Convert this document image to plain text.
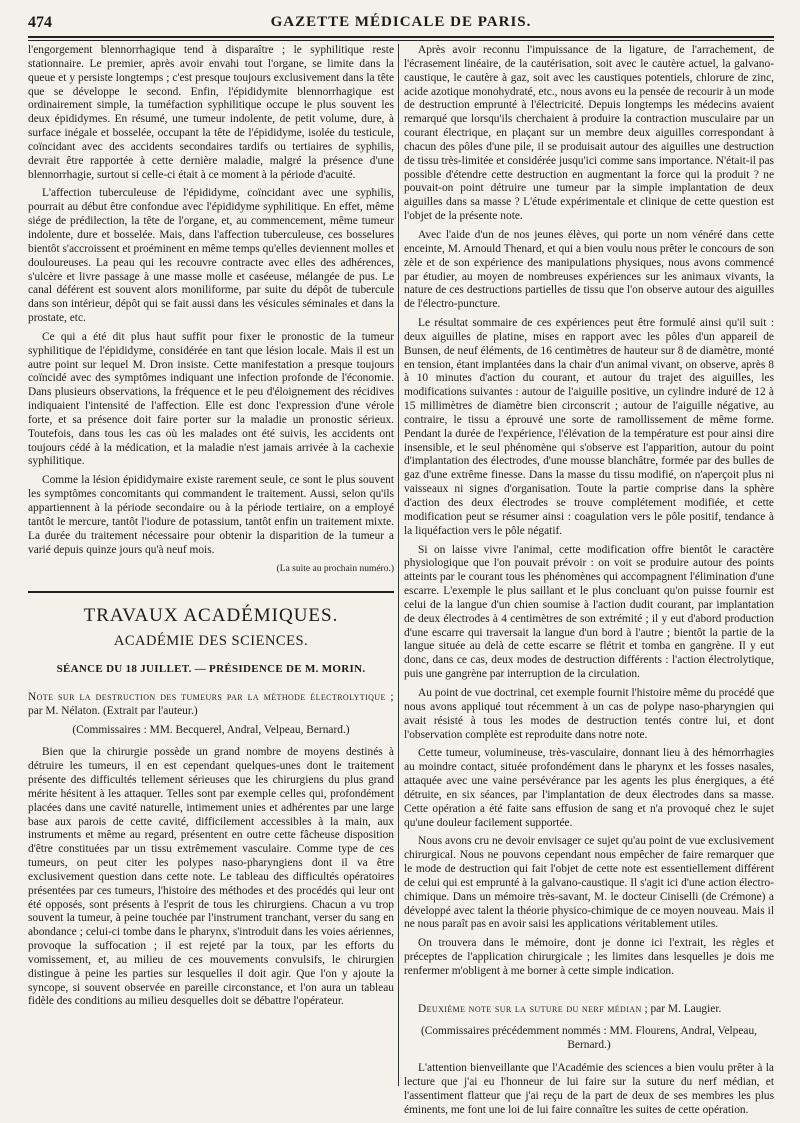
474	GAZETTE MÉDICALE DE PARIS.

l'engorgement blennorrhagique tend à disparaître ; le syphilitique reste stationnaire. Le premier, après avoir envahi tout l'organe, se limite dans la queue et y persiste longtemps ; c'est presque toujours exclusivement dans la tête que se développe le second. Enfin, l'épididymite blennorrhagique est ordinairement simple, la tuméfaction syphilitique occupe le plus souvent les deux épididymes. En résumé, une tumeur indolente, de petit volume, dure, à surface inégale et bosselée, occupant la tête de l'épididyme, isolée du testicule, coïncidant avec des accidents secondaires tardifs ou tertiaires de syphilis, devrait être rapportée à cette dernière maladie, malgré la présence d'une blennorrhagie, surtout si celle-ci était à ce moment à la période d'acuité.

L'affection tuberculeuse de l'épididyme, coïncidant avec une syphilis, pourrait au début être confondue avec l'épididyme syphilitique. En effet, même siége de prédilection, la tête de l'organe, et, au commencement, même tumeur indolente, dure et bosselée. Mais, dans l'affection tuberculeuse, ces bosselures bientôt s'accroissent et proéminent en même temps qu'elles deviennent molles et douloureuses. La peau qui les recouvre contracte avec elles des adhérences, s'ulcère et livre passage à une masse molle et caséeuse, mélangée de pus. Le canal déférent est souvent alors moniliforme, par suite du dépôt de tubercule dans son intérieur, dépôt qui se fait aussi dans les vésicules séminales et dans la prostate, etc.

Ce qui a été dit plus haut suffit pour fixer le pronostic de la tumeur syphilitique de l'épididyme, considérée en tant que lésion locale. Mais il est un autre point sur lequel M. Dron insiste. Cette manifestation a presque toujours coïncidé avec des symptômes indiquant une infection profonde de l'économie. Dans plusieurs observations, la fréquence et le peu d'éloignement des récidives indiquaient l'intensité de l'affection. Elle est donc l'expression d'une vérole forte, et sa présence doit faire porter sur la maladie un pronostic sérieux. Toutefois, dans tous les cas où les malades ont été suivis, les accidents ont toujours cédé à la médication, et la maladie n'est jamais arrivée à la cachexie syphilitique.

Comme la lésion épididymaire existe rarement seule, ce sont le plus souvent les symptômes concomitants qui commandent le traitement. Aussi, selon qu'ils appartiennent à la période secondaire ou à la période tertiaire, on a employé tantôt le mercure, tantôt l'iodure de potassium, tantôt enfin un traitement mixte. La durée du traitement nécessaire pour obtenir la disparition de la tumeur a varié depuis quinze jours qu'à neuf mois.

(La suite au prochain numéro.)

TRAVAUX ACADÉMIQUES.

ACADÉMIE DES SCIENCES.

SÉANCE DU 18 JUILLET. — PRÉSIDENCE DE M. MORIN.

Note sur la destruction des tumeurs par la méthode électrolytique ; par M. Nélaton. (Extrait par l'auteur.)

(Commissaires : MM. Becquerel, Andral, Velpeau, Bernard.)

Bien que la chirurgie possède un grand nombre de moyens destinés à détruire les tumeurs, il en est cependant quelques-unes dont le traitement présente des difficultés tellement sérieuses que les chirurgiens du plus grand mérite hésitent à les attaquer. Telles sont par exemple celles qui, profondément placées dans une cavité naturelle, intimement unies et adhérentes par une large base aux parois de cette cavité, difficilement accessibles à la main, aux instruments et même au regard, présentent en outre cette fâcheuse disposition d'être constituées par un tissu extrêmement vasculaire. Comme type de ces tumeurs, on peut citer les polypes naso-pharyngiens dont il va être exclusivement question dans cette note. Le tableau des difficultés opératoires présentées par ces tumeurs, l'histoire des méthodes et des procédés qui leur ont été opposés, sont présents à l'esprit de tous les chirurgiens. Chacun a vu trop souvent la tumeur, à peine touchée par l'instrument tranchant, verser du sang en abondance ; celui-ci tombe dans le pharynx, s'introduit dans les voies aériennes, provoque la suffocation ; il est rejeté par la toux, par les efforts du vomissement, et, au milieu de ces mouvements convulsifs, le chirurgien distingue à peine les parties sur lesquelles il doit agir. Que l'on y ajoute la syncope, si souvent observée en pareille circonstance, et l'on aura un tableau fidèle des conditions au milieu desquelles doit se débattre l'opérateur.

Après avoir reconnu l'impuissance de la ligature, de l'arrachement, de l'écrasement linéaire, de la cautérisation, soit avec le cautère actuel, la galvano-caustique, le cautère à gaz, soit avec les caustiques potentiels, chlorure de zinc, acide azotique monohydraté, etc., nous avons eu la pensée de recourir à un mode de destruction emprunté à l'électricité. Depuis longtemps les médecins avaient remarqué que lorsqu'ils cherchaient à produire la contraction musculaire par un courant électrique, en plaçant sur un membre deux aiguilles correspondant à chacun des pôles d'une pile, il se produisait autour des aiguilles une destruction de tissu très-limitée et considérée jusqu'ici comme sans importance. N'était-il pas possible d'étendre cette destruction en augmentant la force qui la produit ? ne pouvait-on point détruire une tumeur par la simple implantation de deux aiguilles dans sa masse ? L'étude expérimentale et clinique de cette question est l'objet de la présente note.

Avec l'aide d'un de nos jeunes élèves, qui porte un nom vénéré dans cette enceinte, M. Arnould Thenard, et qui a bien voulu nous prêter le concours de son zèle et de son expérience des manipulations physiques, nous avons commencé par étudier, au moyen de nombreuses expériences sur les animaux vivants, la nature de ces destructions partielles de tissu que l'on observe autour des aiguilles de l'électro-puncture.

Le résultat sommaire de ces expériences peut être formulé ainsi qu'il suit : deux aiguilles de platine, mises en rapport avec les pôles d'un appareil de Bunsen, de neuf éléments, de 16 centimètres de hauteur sur 8 de diamètre, monté en tension, étant implantées dans la chair d'un animal vivant, on observe, après 8 à 10 minutes d'action du courant, et autour du trajet des aiguilles, les modifications suivantes : autour de l'aiguille positive, un cylindre induré de 12 à 15 millimètres de diamètre bien circonscrit ; autour de l'aiguille négative, au contraire, le tissu a éprouvé une sorte de ramollissement de même forme. Pendant la durée de l'expérience, l'élévation de la température est pour ainsi dire insensible, et le seul phénomène qui s'observe est l'apparition, autour du point d'implantation des électrodes, d'une mousse blanchâtre, formée par des bulles de gaz d'une extrême finesse. Dans la masse du tissu modifié, on n'aperçoit plus ni vaisseaux ni signes d'organisation. Toute la partie comprise dans la sphère d'action des deux électrodes se trouve complétement modifiée, et cette modification peut se résumer ainsi : coagulation vers le pôle positif, tendance à la liquéfaction vers le pôle négatif.

Si on laisse vivre l'animal, cette modification offre bientôt le caractère physiologique que l'on pouvait prévoir : on voit se produire autour des points atteints par le courant tous les phénomènes qui accompagnent l'élimination d'une escarre. L'exemple le plus saillant et le plus concluant qu'on puisse fournir est celui de la langue d'un chien soumise à l'action dudit courant, par implantation de deux électrodes à 4 centimètres de son extrémité ; il y eut d'abord production d'une escarre qui traversait la langue d'un bord à l'autre ; bientôt la partie de la langue située au delà de cette escarre se flétrit et tomba en gangrène. Il y eut donc, dans ce cas, deux modes de destruction différents : l'action électrolytique, puis une gangrène par interruption de la circulation.

Au point de vue doctrinal, cet exemple fournit l'histoire même du procédé que nous avons appliqué tout récemment à un cas de polype naso-pharyngien qui avait résisté à tous les modes de destruction tentés contre lui, et dont l'observation complète est reproduite dans notre note.

Cette tumeur, volumineuse, très-vasculaire, donnant lieu à des hémorrhagies au moindre contact, située profondément dans le pharynx et les fosses nasales, attaquée avec une vaine persévérance par les agents les plus énergiques, a été détruite, en six séances, par l'implantation de deux électrodes dans sa masse. Cette opération a été faite sans effusion de sang et n'a provoqué chez le sujet qu'une douleur facilement supportée.

Nous avons cru ne devoir envisager ce sujet qu'au point de vue exclusivement chirurgical. Nous ne pouvons cependant nous empêcher de faire remarquer que le mode de destruction qui fait l'objet de cette note est essentiellement différent de celui qui est emprunté à la galvano-caustique. Il s'agit ici d'une action électro-chimique. Dans un mémoire très-savant, M. le docteur Ciniselli (de Crémone) a développé avec talent la théorie physico-chimique de ce moyen nouveau. Mais il ne nous paraît pas en avoir saisi les applications véritablement utiles.

On trouvera dans le mémoire, dont je donne ici l'extrait, les règles et préceptes de l'application chirurgicale ; les limites dans lesquelles je dois me renfermer m'obligent à me borner à cette simple indication.

Deuxième note sur la suture du nerf médian ; par M. Laugier.

(Commissaires précédemment nommés : MM. Flourens, Andral, Velpeau, Bernard.)

L'attention bienveillante que l'Académie des sciences a bien voulu prêter à la lecture que j'ai eu l'honneur de lui faire sur la suture du nerf médian, et l'assentiment flatteur que j'ai reçu de la part de deux de ses membres les plus éminents, me font une loi de lui faire connaître les suites de cette opération.
